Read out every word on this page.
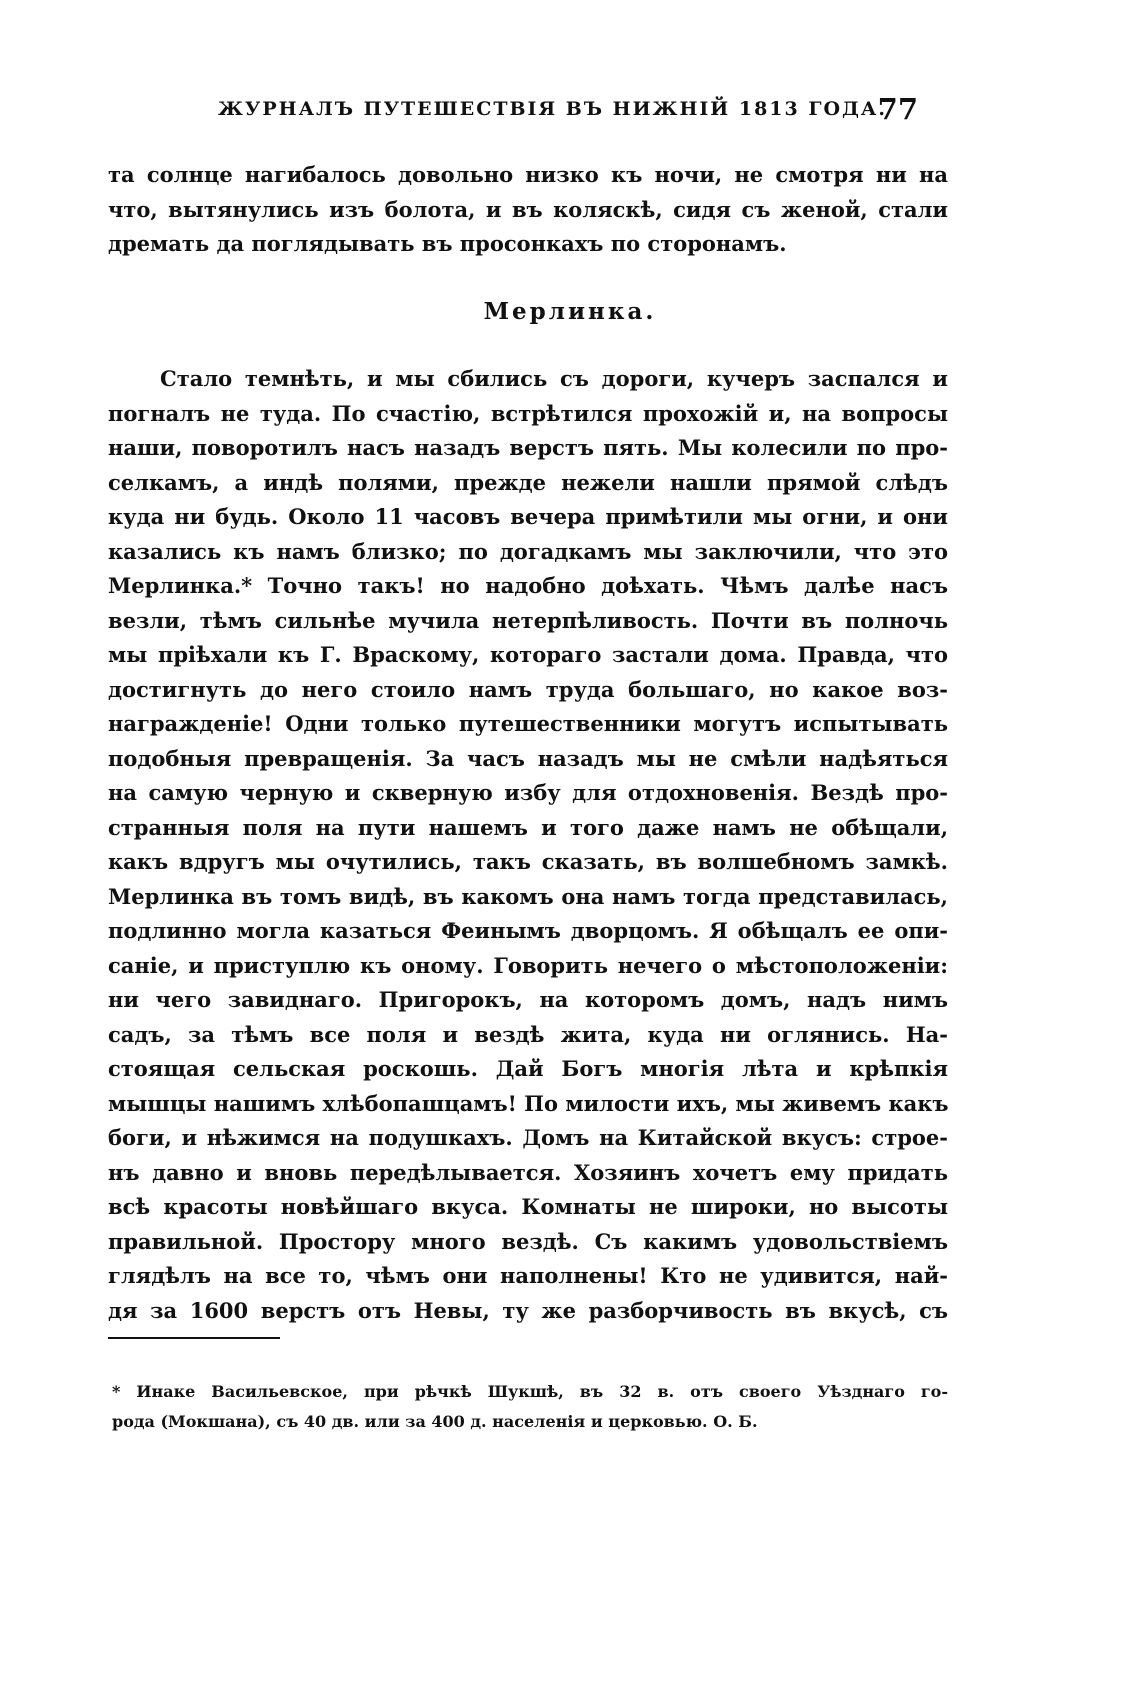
ЖУРНАЛЪ ПУТЕШЕСТВІЯ ВЪ НИЖНІЙ 1813 ГОДА.
77
та солнце нагибалось довольно низко къ ночи, не смотря ни на
что, вытянулись изъ болота, и въ коляскѣ, сидя съ женой, стали
дремать да поглядывать въ просонкахъ по сторонамъ.
Мерлинка.
Стало темнѣть, и мы сбились съ дороги, кучеръ заспался и
погналъ не туда. По счастію, встрѣтился прохожій и, на вопросы
наши, поворотилъ насъ назадъ верстъ пять. Мы колесили по про-
селкамъ, а индѣ полями, прежде нежели нашли прямой слѣдъ
куда ни будь. Около 11 часовъ вечера примѣтили мы огни, и они
казались къ намъ близко; по догадкамъ мы заключили, что это
Мерлинка.* Точно такъ! но надобно доѣхать. Чѣмъ далѣе насъ
везли, тѣмъ сильнѣе мучила нетерпѣливость. Почти въ полночь
мы пріѣхали къ Г. Враскому, котораго застали дома. Правда, что
достигнуть до него стоило намъ труда большаго, но какое воз-
награжденіе! Одни только путешественники могутъ испытывать
подобныя превращенія. За часъ назадъ мы не смѣли надѣяться
на самую черную и скверную избу для отдохновенія. Вездѣ про-
странныя поля на пути нашемъ и того даже намъ не обѣщали,
какъ вдругъ мы очутились, такъ сказать, въ волшебномъ замкѣ.
Мерлинка въ томъ видѣ, въ какомъ она намъ тогда представилась,
подлинно могла казаться Феинымъ дворцомъ. Я обѣщалъ ее опи-
саніе, и приступлю къ оному. Говорить нечего о мѣстоположеніи:
ни чего завиднаго. Пригорокъ, на которомъ домъ, надъ нимъ
садъ, за тѣмъ все поля и вездѣ жита, куда ни оглянись. На-
стоящая сельская роскошь. Дай Богъ многія лѣта и крѣпкія
мышцы нашимъ хлѣбопашцамъ! По милости ихъ, мы живемъ какъ
боги, и нѣжимся на подушкахъ. Домъ на Китайской вкусъ: строе-
нъ давно и вновь передѣлывается. Хозяинъ хочетъ ему придать
всѣ красоты новѣйшаго вкуса. Комнаты не широки, но высоты
правильной. Простору много вездѣ. Съ какимъ удовольствіемъ
глядѣлъ на все то, чѣмъ они наполнены! Кто не удивится, най-
дя за 1600 верстъ отъ Невы, ту же разборчивость въ вкусѣ, съ
* Инаке Васильевское, при рѣчкѣ Шукшѣ, въ 32 в. отъ своего Уѣзднаго го-
рода (Мокшана), съ 40 дв. или за 400 д. населенія и церковью. О. Б.
